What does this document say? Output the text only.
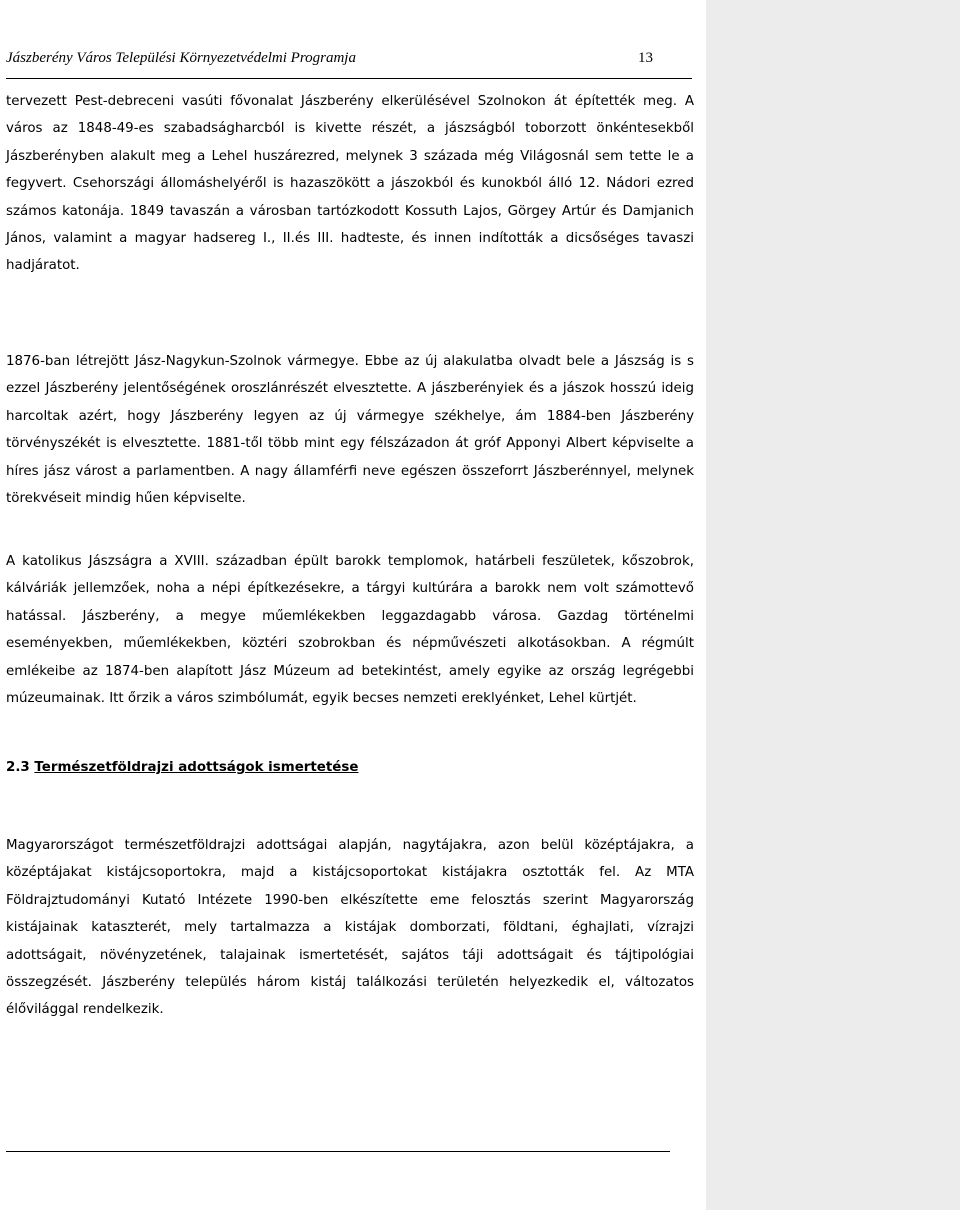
Jászberény Város Települési Környezetvédelmi Programja	13

tervezett Pest-debreceni vasúti fővonalat Jászberény elkerülésével Szolnokon át építették meg. A város az 1848-49-es szabadságharcból is kivette részét, a jászságból toborzott önkéntesekből Jászberényben alakult meg a Lehel huszárezred, melynek 3 százada még Világosnál sem tette le a fegyvert. Csehországi állomáshelyéről is hazaszökött a jászokból és kunokból álló 12. Nádori ezred számos katonája. 1849 tavaszán a városban tartózkodott Kossuth Lajos, Görgey Artúr és Damjanich János, valamint a magyar hadsereg I., II.és III. hadteste, és innen indították a dicsőséges tavaszi hadjáratot.

1876-ban létrejött Jász-Nagykun-Szolnok vármegye. Ebbe az új alakulatba olvadt bele a Jászság is s ezzel Jászberény jelentőségének oroszlánrészét elvesztette. A jászberényiek és a jászok hosszú ideig harcoltak azért, hogy Jászberény legyen az új vármegye székhelye, ám 1884-ben Jászberény törvényszékét is elvesztette. 1881-től több mint egy félszázadon át gróf Apponyi Albert képviselte a híres jász várost a parlamentben. A nagy államférfi neve egészen összeforrt Jászberénnyel, melynek törekvéseit mindig hűen képviselte.

A katolikus Jászságra a XVIII. században épült barokk templomok, határbeli feszületek, kőszobrok, kálváriák jellemzőek, noha a népi építkezésekre, a tárgyi kultúrára a barokk nem volt számottevő hatással. Jászberény, a megye műemlékekben leggazdagabb városa. Gazdag történelmi eseményekben, műemlékekben, köztéri szobrokban és népművészeti alkotásokban. A régmúlt emlékeibe az 1874-ben alapított Jász Múzeum ad betekintést, amely egyike az ország legrégebbi múzeumainak. Itt őrzik a város szimbólumát, egyik becses nemzeti ereklyénket, Lehel kürtjét.

2.3 Természetföldrajzi adottságok ismertetése

Magyarországot természetföldrajzi adottságai alapján, nagytájakra, azon belül középtájakra, a középtájakat kistájcsoportokra, majd a kistájcsoportokat kistájakra osztották fel. Az MTA Földrajztudományi Kutató Intézete 1990-ben elkészítette eme felosztás szerint Magyarország kistájainak kataszterét, mely tartalmazza a kistájak domborzati, földtani, éghajlati, vízrajzi adottságait, növényzetének, talajainak ismertetését, sajátos táji adottságait és tájtipológiai összegzését. Jászberény település három kistáj találkozási területén helyezkedik el, változatos élővilággal rendelkezik.
